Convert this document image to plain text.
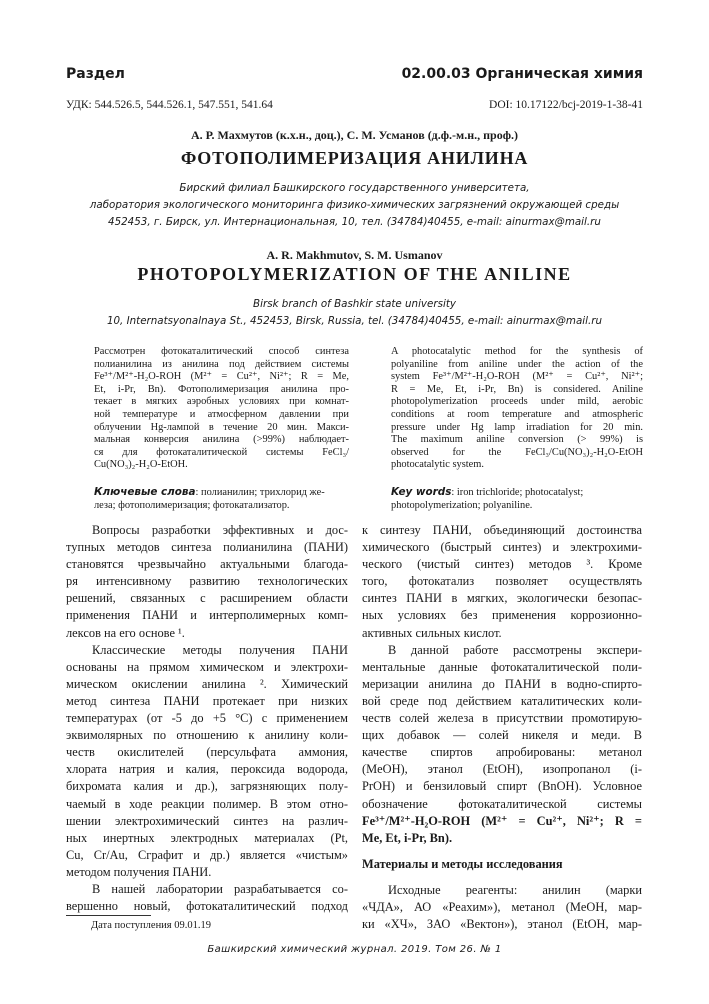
Раздел	02.00.03 Органическая химия
УДК: 544.526.5, 544.526.1, 547.551, 541.64	DOI: 10.17122/bcj-2019-1-38-41
А. Р. Махмутов (к.х.н., доц.), С. М. Усманов (д.ф.-м.н., проф.)
ФОТОПОЛИМЕРИЗАЦИЯ АНИЛИНА
Бирский филиал Башкирского государственного университета,
лаборатория экологического мониторинга физико-химических загрязнений окружающей среды
452453, г. Бирск, ул. Интернациональная, 10, тел. (34784)40455, e-mail: ainurmax@mail.ru
A. R. Makhmutov, S. M. Usmanov
PHOTOPOLYMERIZATION OF THE ANILINE
Birsk branch of Bashkir state university
10, Internatsyonalnaya St., 452453, Birsk, Russia, tel. (34784)40455, e-mail: ainurmax@mail.ru
Рассмотрен фотокаталитический способ синтеза
полианилина из анилина под действием системы
Fe³⁺/M²⁺-H₂O-ROH (M²⁺ = Cu²⁺, Ni²⁺; R = Me,
Et, i-Pr, Bn). Фотополимеризация анилина про-
текает в мягких аэробных условиях при комнат-
ной температуре и атмосферном давлении при
облучении Hg-лампой в течение 20 мин. Макси-
мальная конверсия анилина (>99%) наблюдает-
ся для фотокаталитической системы FeCl₃/
Cu(NO₃)₂-H₂O-EtOH.
A photocatalytic method for the synthesis of
polyaniline from aniline under the action of the
system Fe³⁺/M²⁺-H₂O-ROH (M²⁺ = Cu²⁺, Ni²⁺;
R = Me, Et, i-Pr, Bn) is considered. Aniline
photopolymerization proceeds under mild, aerobic
conditions at room temperature and atmospheric
pressure under Hg lamp irradiation for 20 min.
The maximum aniline conversion (> 99%) is
observed for the FeCl₃/Cu(NO₃)₂-H₂O-EtOH
photocatalytic system.
Ключевые слова: полианилин; трихлорид же-
леза; фотополимеризация; фотокатализатор.
Key words: iron trichloride; photocatalyst;
photopolymerization; polyaniline.
Вопросы разработки эффективных и дос-
тупных методов синтеза полианилина (ПАНИ)
становятся чрезвычайно актуальными благода-
ря интенсивному развитию технологических
решений, связанных с расширением области
применения ПАНИ и интерполимерных комп-
лексов на его основе ¹.
Классические методы получения ПАНИ
основаны на прямом химическом и электрохи-
мическом окислении анилина ². Химический
метод синтеза ПАНИ протекает при низких
температурах (от -5 до +5 °С) с применением
эквимолярных по отношению к анилину коли-
честв окислителей (персульфата аммония,
хлората натрия и калия, пероксида водорода,
бихромата калия и др.), загрязняющих полу-
чаемый в ходе реакции полимер. В этом отно-
шении электрохимический синтез на различ-
ных инертных электродных материалах (Pt,
Cu, Cr/Au, Cграфит и др.) является «чистым»
методом получения ПАНИ.
В нашей лаборатории разрабатывается со-
вершенно новый, фотокаталитический подход
к синтезу ПАНИ, объединяющий достоинства
химического (быстрый синтез) и электрохими-
ческого (чистый синтез) методов ³. Кроме
того, фотокатализ позволяет осуществлять
синтез ПАНИ в мягких, экологически безопас-
ных условиях без применения коррозионно-
активных сильных кислот.
В данной работе рассмотрены экспери-
ментальные данные фотокаталитической поли-
меризации анилина до ПАНИ в водно-спирто-
вой среде под действием каталитических коли-
честв солей железа в присутствии промотирую-
щих добавок — солей никеля и меди. В
качестве спиртов апробированы: метанол
(MeOH), этанол (EtOH), изопропанол (i-
PrOH) и бензиловый спирт (BnOH). Условное
обозначение фотокаталитической системы
Fe³⁺/M²⁺-H₂O-ROH (M²⁺ = Cu²⁺, Ni²⁺; R =
Me, Et, i-Pr, Bn).
Материалы и методы исследования
Исходные реагенты: анилин (марки
«ЧДА», АО «Реахим»), метанол (MeOH, мар-
ки «ХЧ», ЗАО «Вектон»), этанол (EtOH, мар-
Дата поступления 09.01.19
Башкирский химический журнал. 2019. Том 26. № 1
